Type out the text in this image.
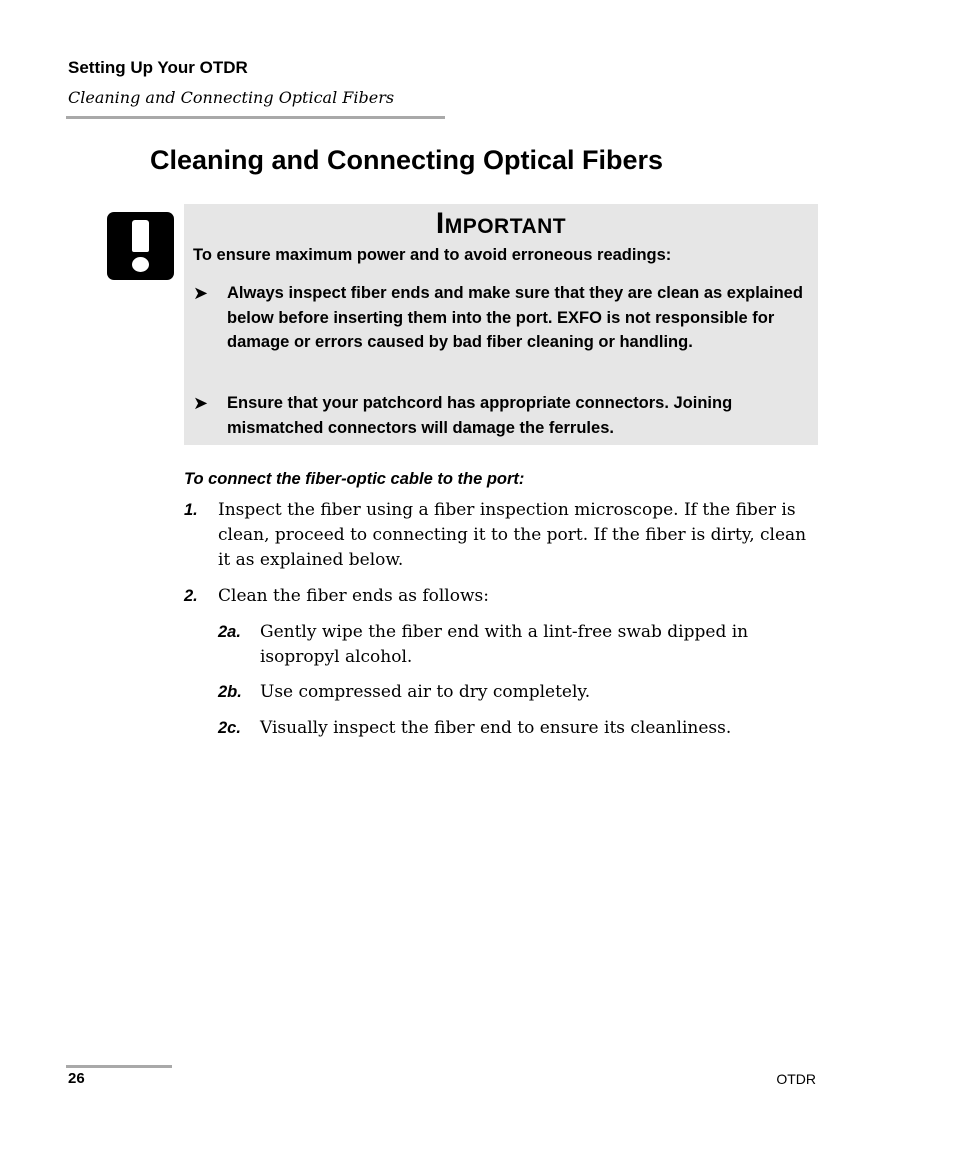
Setting Up Your OTDR
Cleaning and Connecting Optical Fibers
Cleaning and Connecting Optical Fibers
Important
To ensure maximum power and to avoid erroneous readings:
➤ Always inspect fiber ends and make sure that they are clean as explained below before inserting them into the port. EXFO is not responsible for damage or errors caused by bad fiber cleaning or handling.
➤ Ensure that your patchcord has appropriate connectors. Joining mismatched connectors will damage the ferrules.
To connect the fiber-optic cable to the port:
1. Inspect the fiber using a fiber inspection microscope. If the fiber is clean, proceed to connecting it to the port. If the fiber is dirty, clean it as explained below.
2. Clean the fiber ends as follows:
2a. Gently wipe the fiber end with a lint-free swab dipped in isopropyl alcohol.
2b. Use compressed air to dry completely.
2c. Visually inspect the fiber end to ensure its cleanliness.
26	OTDR
